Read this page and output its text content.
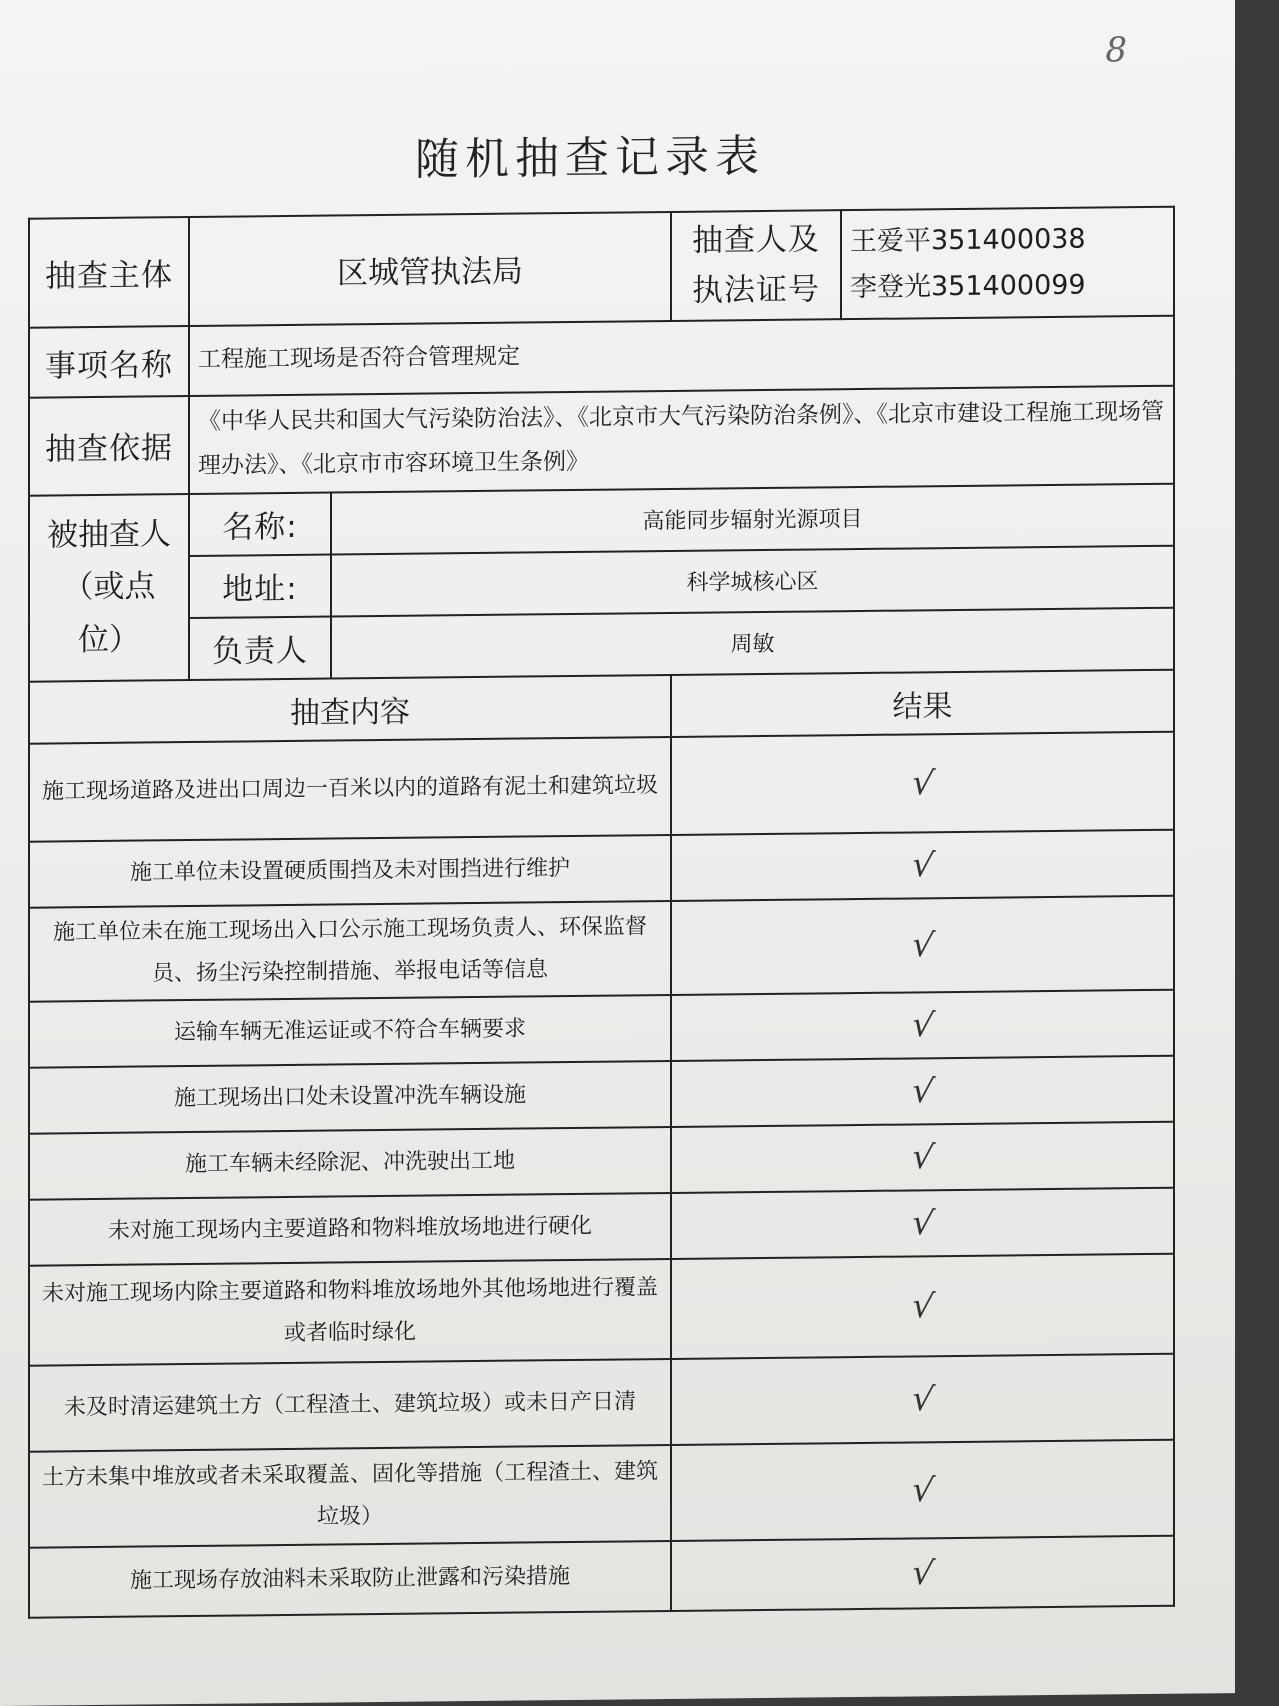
8
随机抽查记录表
抽查主体	区城管执法局		抽查人及执法证号	王爱平351400038
李登光351400099

事项名称	工程施工现场是否符合管理规定			
抽查依据	《中华人民共和国大气污染防治法》、《北京市大气污染防治条例》、《北京市建设工程施工现场管理办法》、《北京市市容环境卫生条例》			
被抽查人（或点位）	名称:	高能同步辐射光源项目		
	地址:	科学城核心区		
	负责人	周敏		
抽查内容			结果	
施工现场道路及进出口周边一百米以内的道路有泥土和建筑垃圾			√	
施工单位未设置硬质围挡及未对围挡进行维护			√	
施工单位未在施工现场出入口公示施工现场负责人、环保监督员、扬尘污染控制措施、举报电话等信息			√	
运输车辆无准运证或不符合车辆要求			√	
施工现场出口处未设置冲洗车辆设施			√	
施工车辆未经除泥、冲洗驶出工地			√	
未对施工现场内主要道路和物料堆放场地进行硬化			√	
未对施工现场内除主要道路和物料堆放场地外其他场地进行覆盖或者临时绿化			√	
未及时清运建筑土方（工程渣土、建筑垃圾）或未日产日清			√	
土方未集中堆放或者未采取覆盖、固化等措施（工程渣土、建筑垃圾）			√	
施工现场存放油料未采取防止泄露和污染措施			√	
